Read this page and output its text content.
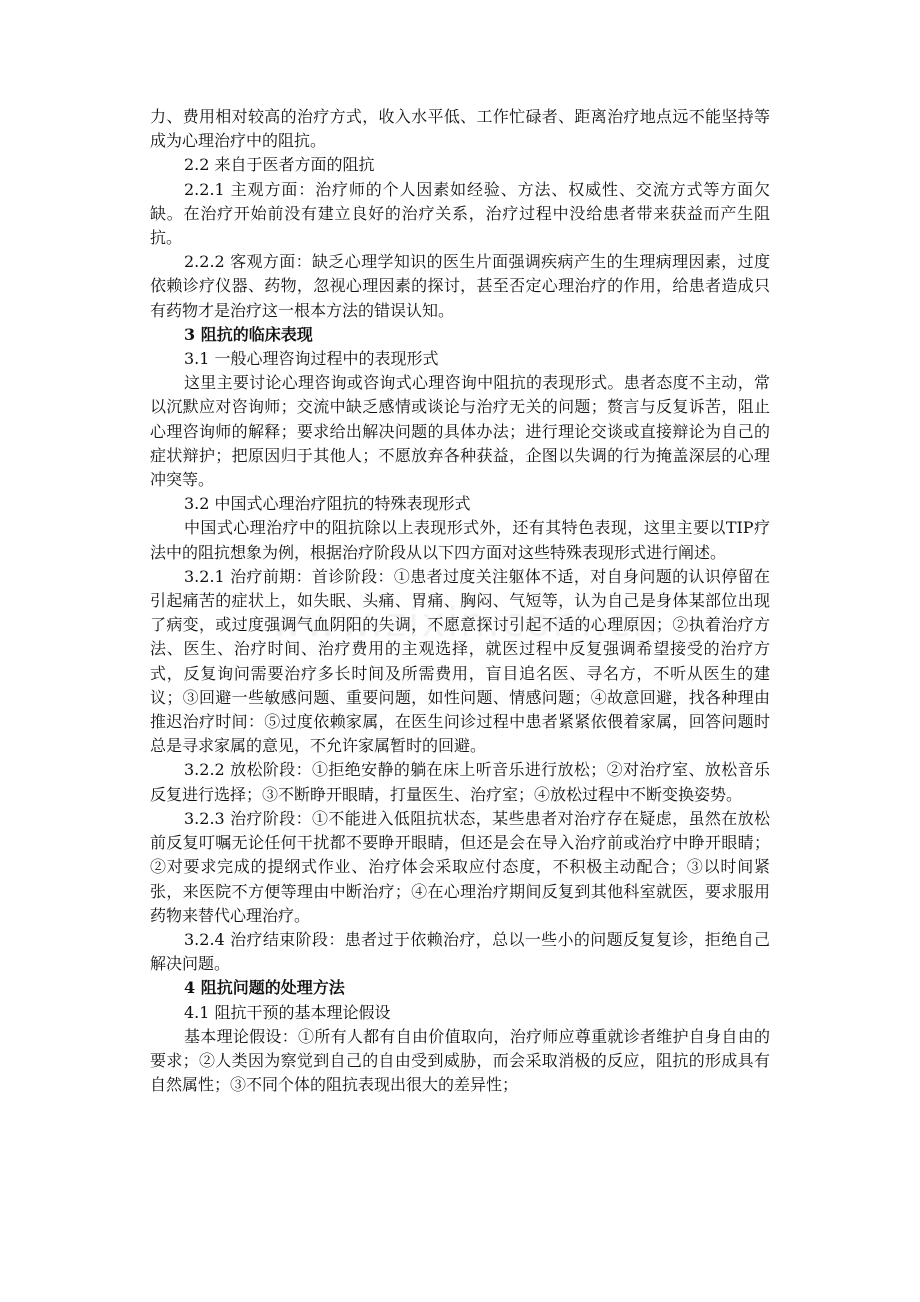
力、费用相对较高的治疗方式，收入水平低、工作忙碌者、距离治疗地点远不能坚持等成为心理治疗中的阻抗。

2.2 来自于医者方面的阻抗

2.2.1 主观方面：治疗师的个人因素如经验、方法、权威性、交流方式等方面欠缺。在治疗开始前没有建立良好的治疗关系，治疗过程中没给患者带来获益而产生阻抗。

2.2.2 客观方面：缺乏心理学知识的医生片面强调疾病产生的生理病理因素，过度依赖诊疗仪器、药物，忽视心理因素的探讨，甚至否定心理治疗的作用，给患者造成只有药物才是治疗这一根本方法的错误认知。

3 阻抗的临床表现

3.1 一般心理咨询过程中的表现形式

这里主要讨论心理咨询或咨询式心理咨询中阻抗的表现形式。患者态度不主动，常以沉默应对咨询师；交流中缺乏感情或谈论与治疗无关的问题；赘言与反复诉苦，阻止心理咨询师的解释；要求给出解决问题的具体办法；进行理论交谈或直接辩论为自己的症状辩护；把原因归于其他人；不愿放弃各种获益，企图以失调的行为掩盖深层的心理冲突等。

3.2 中国式心理治疗阻抗的特殊表现形式

中国式心理治疗中的阻抗除以上表现形式外，还有其特色表现，这里主要以TIP疗法中的阻抗想象为例，根据治疗阶段从以下四方面对这些特殊表现形式进行阐述。

3.2.1 治疗前期：首诊阶段：①患者过度关注躯体不适，对自身问题的认识停留在引起痛苦的症状上，如失眠、头痛、胃痛、胸闷、气短等，认为自己是身体某部位出现了病变，或过度强调气血阴阳的失调，不愿意探讨引起不适的心理原因；②执着治疗方法、医生、治疗时间、治疗费用的主观选择，就医过程中反复强调希望接受的治疗方式，反复询问需要治疗多长时间及所需费用，盲目追名医、寻名方，不听从医生的建议；③回避一些敏感问题、重要问题，如性问题、情感问题；④故意回避，找各种理由推迟治疗时间：⑤过度依赖家属，在医生问诊过程中患者紧紧依偎着家属，回答问题时总是寻求家属的意见，不允许家属暂时的回避。

3.2.2 放松阶段：①拒绝安静的躺在床上听音乐进行放松；②对治疗室、放松音乐反复进行选择；③不断睁开眼睛，打量医生、治疗室；④放松过程中不断变换姿势。

3.2.3 治疗阶段：①不能进入低阻抗状态，某些患者对治疗存在疑虑，虽然在放松前反复叮嘱无论任何干扰都不要睁开眼睛，但还是会在导入治疗前或治疗中睁开眼睛；②对要求完成的提纲式作业、治疗体会采取应付态度，不积极主动配合；③以时间紧张，来医院不方便等理由中断治疗；④在心理治疗期间反复到其他科室就医，要求服用药物来替代心理治疗。

3.2.4 治疗结束阶段：患者过于依赖治疗，总以一些小的问题反复复诊，拒绝自己解决问题。

4 阻抗问题的处理方法

4.1 阻抗干预的基本理论假设

基本理论假设：①所有人都有自由价值取向，治疗师应尊重就诊者维护自身自由的要求；②人类因为察觉到自己的自由受到威胁，而会采取消极的反应，阻抗的形成具有自然属性；③不同个体的阻抗表现出很大的差异性；
